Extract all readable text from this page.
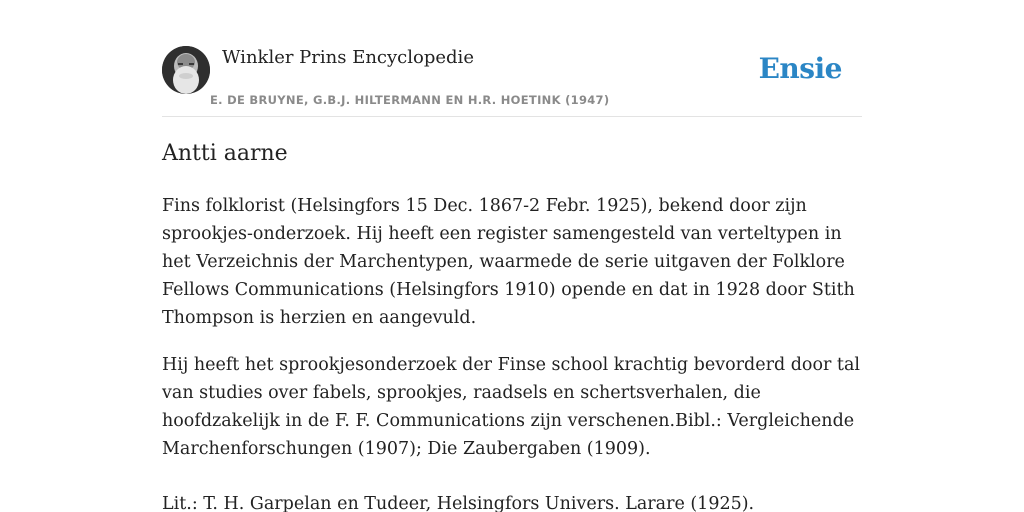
Winkler Prins Encyclopedie
E. DE BRUYNE, G.B.J. HILTERMANN EN H.R. HOETINK (1947)
Ensie
Antti aarne

Fins folklorist (Helsingfors 15 Dec. 1867-2 Febr. 1925), bekend door zijn sprookjes-onderzoek. Hij heeft een register samengesteld van verteltypen in het Verzeichnis der Marchentypen, waarmede de serie uitgaven der Folklore Fellows Communications (Helsingfors 1910) opende en dat in 1928 door Stith Thompson is herzien en aangevuld.

Hij heeft het sprookjesonderzoek der Finse school krachtig bevorderd door tal van studies over fabels, sprookjes, raadsels en schertsverhalen, die hoofdzakelijk in de F. F. Communications zijn verschenen.Bibl.: Vergleichende Marchenforschungen (1907); Die Zaubergaben (1909).

Lit.: T. H. Garpelan en Tudeer, Helsingfors Univers. Larare (1925).
